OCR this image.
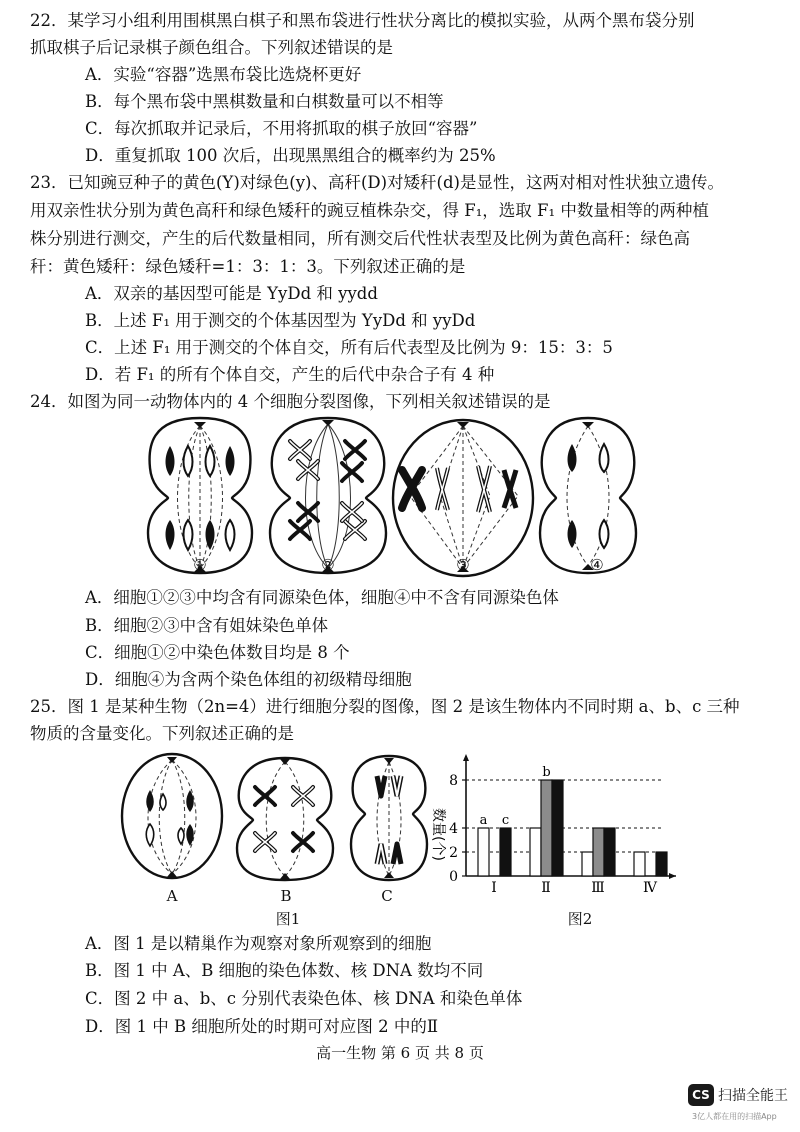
22．某学习小组利用围棋黑白棋子和黑布袋进行性状分离比的模拟实验，从两个黑布袋分别
抓取棋子后记录棋子颜色组合。下列叙述错误的是
A．实验“容器”选黑布袋比选烧杯更好
B．每个黑布袋中黑棋数量和白棋数量可以不相等
C．每次抓取并记录后，不用将抓取的棋子放回“容器”
D．重复抓取 100 次后，出现黑黑组合的概率约为 25%
23．已知豌豆种子的黄色(Y)对绿色(y)、高秆(D)对矮秆(d)是显性，这两对相对性状独立遗传。
用双亲性状分别为黄色高秆和绿色矮秆的豌豆植株杂交，得 F₁，选取 F₁ 中数量相等的两种植
株分别进行测交，产生的后代数量相同，所有测交后代性状表型及比例为黄色高秆：绿色高
秆：黄色矮秆：绿色矮秆=1：3：1：3。下列叙述正确的是
A．双亲的基因型可能是 YyDd 和 yydd
B．上述 F₁ 用于测交的个体基因型为 YyDd 和 yyDd
C．上述 F₁ 用于测交的个体自交，所有后代表型及比例为 9：15：3：5
D．若 F₁ 的所有个体自交，产生的后代中杂合子有 4 种
24．如图为同一动物体内的 4 个细胞分裂图像，下列相关叙述错误的是
①	②	③	④
A．细胞①②③中均含有同源染色体，细胞④中不含有同源染色体
B．细胞②③中含有姐妹染色单体
C．细胞①②中染色体数目均是 8 个
D．细胞④为含两个染色体组的初级精母细胞
25．图 1 是某种生物（2n=4）进行细胞分裂的图像，图 2 是该生物体内不同时期 a、b、c 三种
物质的含量变化。下列叙述正确的是
A	B	C
图1
数量(个)
0
2
4
8
a c
Ⅰ
b
Ⅱ	Ⅲ	Ⅳ
图2
A．图 1 是以精巢作为观察对象所观察到的细胞
B．图 1 中 A、B 细胞的染色体数、核 DNA 数均不同
C．图 2 中 a、b、c 分别代表染色体、核 DNA 和染色单体
D．图 1 中 B 细胞所处的时期可对应图 2 中的Ⅱ
高一生物 第 6 页 共 8 页
CS 扫描全能王
3亿人都在用的扫描App
